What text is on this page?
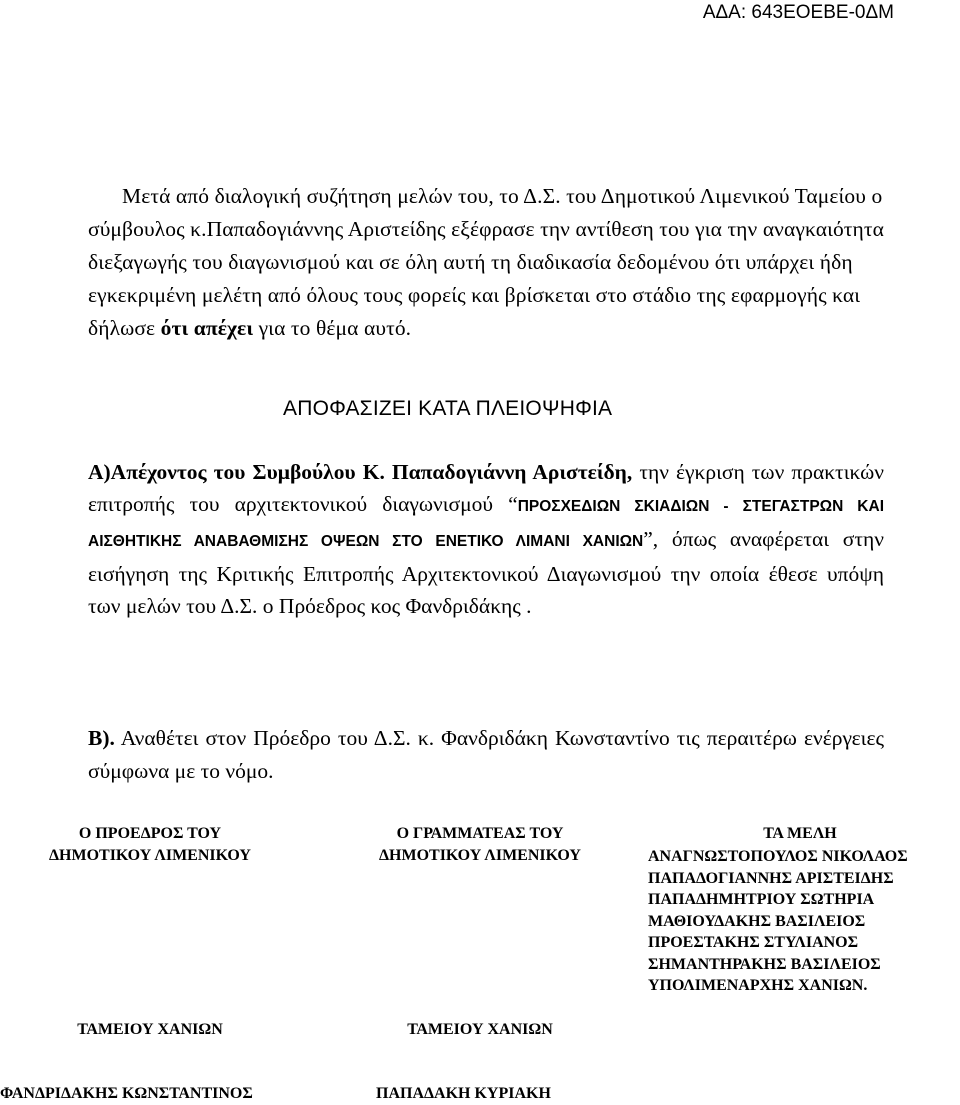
ΑΔΑ: 643ΕΟΕΒΕ-0ΔΜ
Μετά από διαλογική συζήτηση μελών του, το Δ.Σ. του Δημοτικού Λιμενικού Ταμείου ο σύμβουλος κ.Παπαδογιάννης Αριστείδης εξέφρασε την αντίθεση του για την αναγκαιότητα διεξαγωγής του διαγωνισμού και σε όλη αυτή τη διαδικασία δεδομένου ότι υπάρχει ήδη εγκεκριμένη μελέτη από όλους τους φορείς και βρίσκεται στο στάδιο της εφαρμογής και δήλωσε ότι απέχει για το θέμα αυτό.
ΑΠΟΦΑΣΙΖΕΙ ΚΑΤΑ ΠΛΕΙΟΨΗΦΙΑ
Α)Απέχοντος του Συμβούλου Κ. Παπαδογιάννη Αριστείδη, την έγκριση των πρακτικών επιτροπής του αρχιτεκτονικού διαγωνισμού “ΠΡΟΣΧΕΔΙΩΝ ΣΚΙΑΔΙΩΝ - ΣΤΕΓΑΣΤΡΩΝ ΚΑΙ ΑΙΣΘΗΤΙΚΗΣ ΑΝΑΒΑΘΜΙΣΗΣ ΟΨΕΩΝ ΣΤΟ ΕΝΕΤΙΚΟ ΛΙΜΑΝΙ ΧΑΝΙΩΝ”, όπως αναφέρεται στην εισήγηση της Κριτικής Επιτροπής Αρχιτεκτονικού Διαγωνισμού την οποία έθεσε υπόψη των μελών του Δ.Σ. ο Πρόεδρος κος Φανδριδάκης .
Β). Αναθέτει στον Πρόεδρο του Δ.Σ. κ. Φανδριδάκη Κωνσταντίνο τις περαιτέρω ενέργειες σύμφωνα με το νόμο.
Ο ΠΡΟΕΔΡΟΣ ΤΟΥ
ΔΗΜΟΤΙΚΟΥ ΛΙΜΕΝΙΚΟΥ
ΤΑΜΕΙΟΥ ΧΑΝΙΩΝ
ΦΑΝΔΡΙΔΑΚΗΣ ΚΩΝΣΤΑΝΤΙΝΟΣ
Ο ΓΡΑΜΜΑΤΕΑΣ ΤΟΥ
ΔΗΜΟΤΙΚΟΥ ΛΙΜΕΝΙΚΟΥ
ΤΑΜΕΙΟΥ ΧΑΝΙΩΝ
ΠΑΠΑΔΑΚΗ ΚΥΡΙΑΚΗ
ΤΑ ΜΕΛΗ
ΑΝΑΓΝΩΣΤΟΠΟΥΛΟΣ ΝΙΚΟΛΑΟΣ
ΠΑΠΑΔΟΓΙΑΝΝΗΣ ΑΡΙΣΤΕΙΔΗΣ
ΠΑΠΑΔΗΜΗΤΡΙΟΥ ΣΩΤΗΡΙΑ
ΜΑΘΙΟΥΔΑΚΗΣ ΒΑΣΙΛΕΙΟΣ
ΠΡΟΕΣΤΑΚΗΣ ΣΤΥΛΙΑΝΟΣ
ΣΗΜΑΝΤΗΡΑΚΗΣ ΒΑΣΙΛΕΙΟΣ
ΥΠΟΛΙΜΕΝΑΡΧΗΣ ΧΑΝΙΩΝ.
